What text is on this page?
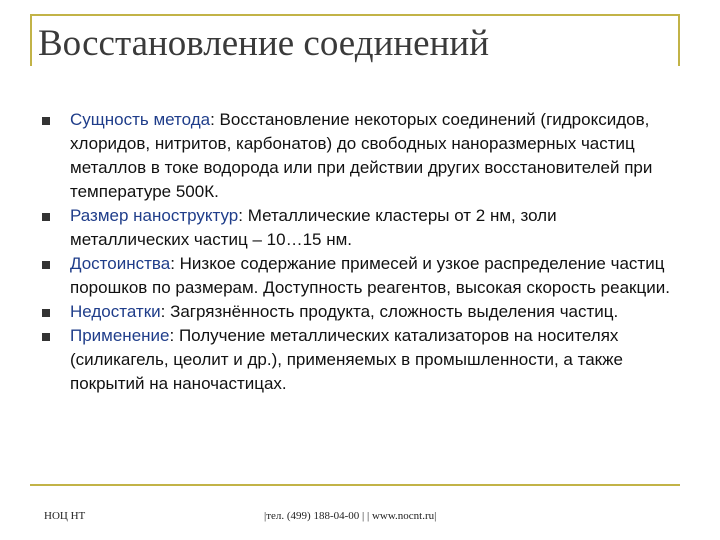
Восстановление соединений
Сущность метода: Восстановление некоторых соединений (гидроксидов, хлоридов, нитритов, карбонатов) до свободных наноразмерных частиц металлов в токе водорода или при действии других восстановителей при температуре 500К.
Размер наноструктур: Металлические кластеры от 2 нм, золи металлических частиц – 10…15 нм.
Достоинства: Низкое содержание примесей и узкое распределение частиц порошков по размерам. Доступность реагентов, высокая скорость реакции.
Недостатки: Загрязнённость продукта, сложность выделения частиц.
Применение: Получение металлических катализаторов на носителях (силикагель, цеолит и др.), применяемых в промышленности, а также покрытий на наночастицах.
НОЦ НТ	|тел. (499) 188-04-00 | | www.nocnt.ru|
